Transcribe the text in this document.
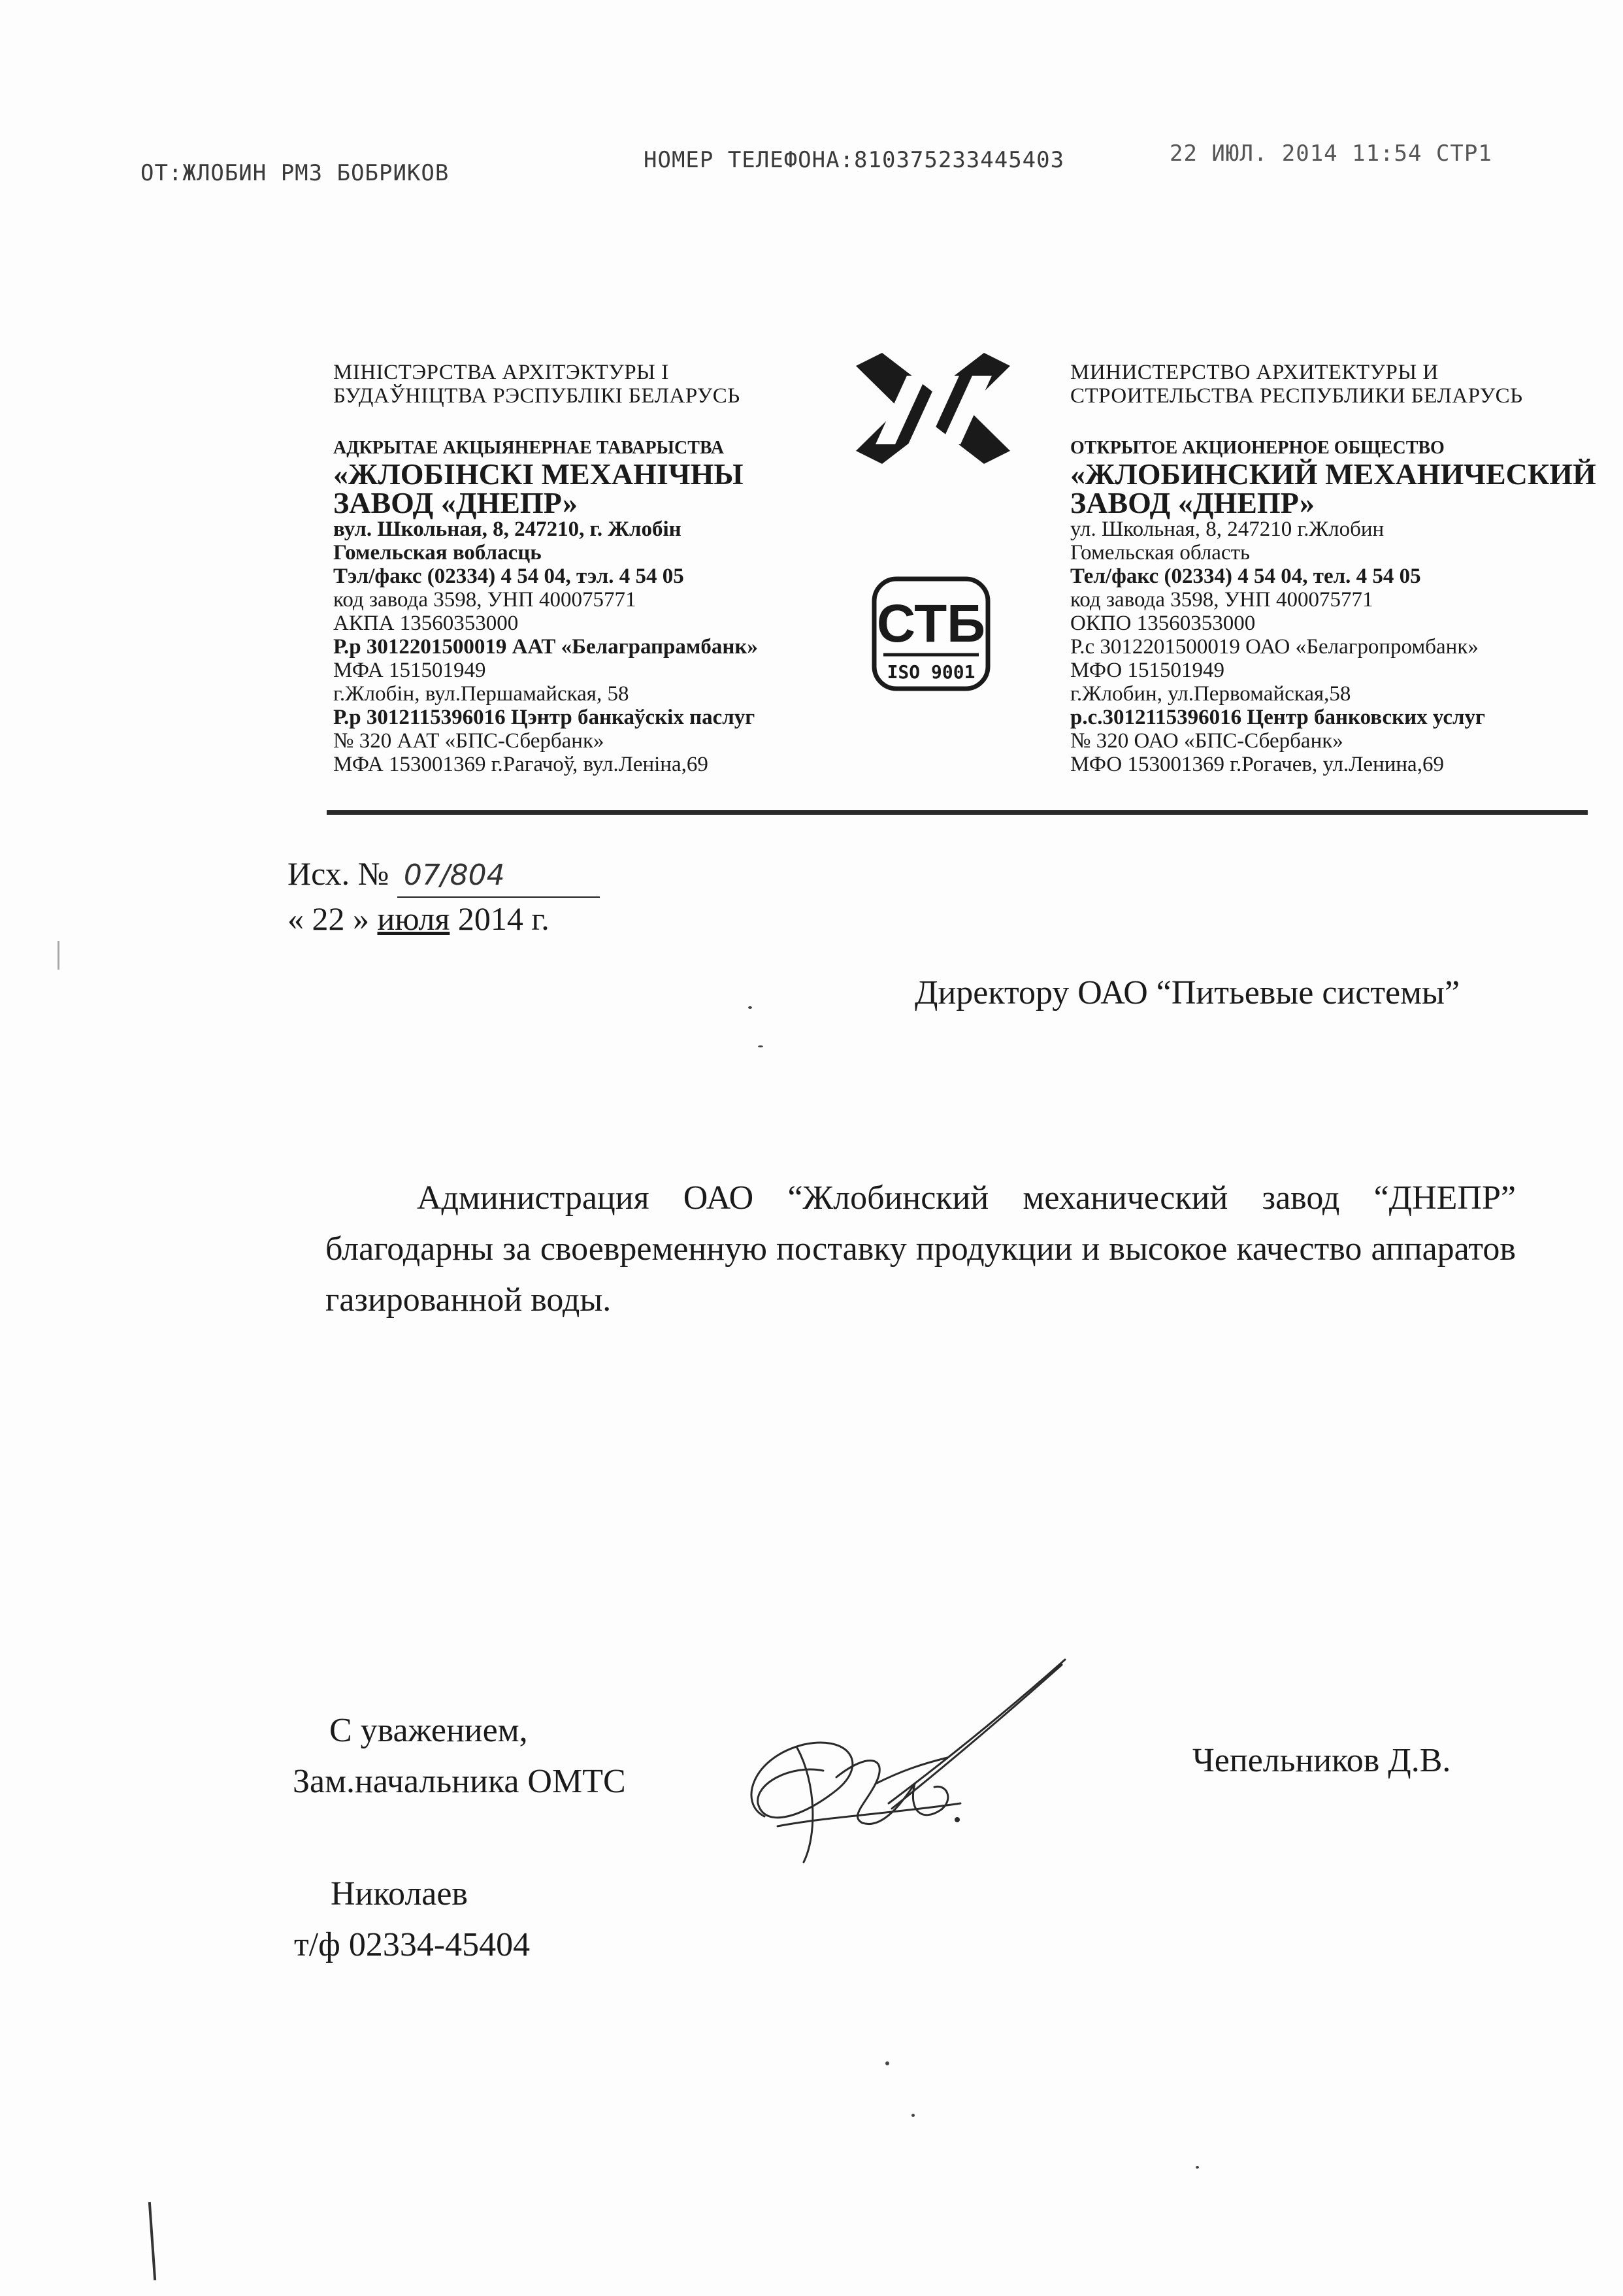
ОТ:ЖЛОБИН РМЗ БОБРИКОВ	НОМЕР ТЕЛЕФОНА:810375233445403	22 ИЮЛ. 2014 11:54 СТР1
МІНІСТЭРСТВА АРХІТЭКТУРЫ І
БУДАЎНІЦТВА РЭСПУБЛІКІ БЕЛАРУСЬ
АДКРЫТАЕ АКЦЫЯНЕРНАЕ ТАВАРЫСТВА
«ЖЛОБІНСКІ МЕХАНІЧНЫ
ЗАВОД «ДНЕПР»
вул. Школьная, 8, 247210, г. Жлобін
Гомельская вобласць
Тэл/факс (02334) 4 54 04, тэл. 4 54 05
код завода 3598, УНП 400075771
АКПА 13560353000
Р.р 3012201500019 ААТ «Белаграпрамбанк»
МФА 151501949
г.Жлобін, вул.Першамайская, 58
Р.р 3012115396016 Цэнтр банкаўскіх паслуг
№ 320 ААТ «БПС-Сбербанк»
МФА 153001369 г.Рагачоў, вул.Леніна,69
СТБ
ISO 9001
МИНИСТЕРСТВО АРХИТЕКТУРЫ И
СТРОИТЕЛЬСТВА РЕСПУБЛИКИ БЕЛАРУСЬ
ОТКРЫТОЕ АКЦИОНЕРНОЕ ОБЩЕСТВО
«ЖЛОБИНСКИЙ МЕХАНИЧЕСКИЙ
ЗАВОД «ДНЕПР»
ул. Школьная, 8, 247210 г.Жлобин
Гомельская область
Тел/факс (02334) 4 54 04, тел. 4 54 05
код завода 3598, УНП 400075771
ОКПО 13560353000
Р.с 3012201500019 ОАО «Белагропромбанк»
МФО 151501949
г.Жлобин, ул.Первомайская,58
р.с.3012115396016 Центр банковских услуг
№ 320 ОАО «БПС-Сбербанк»
МФО 153001369 г.Рогачев, ул.Ленина,69
Исх. № 07/804
« 22 » июля 2014 г.
Директору ОАО “Питьевые системы”

Администрация ОАО “Жлобинский механический завод “ДНЕПР” благодарны за своевременную поставку продукции и высокое качество аппаратов газированной воды.

С уважением,
Зам.начальника ОМТС
Чепельников Д.В.
Николаев
т/ф 02334-45404
